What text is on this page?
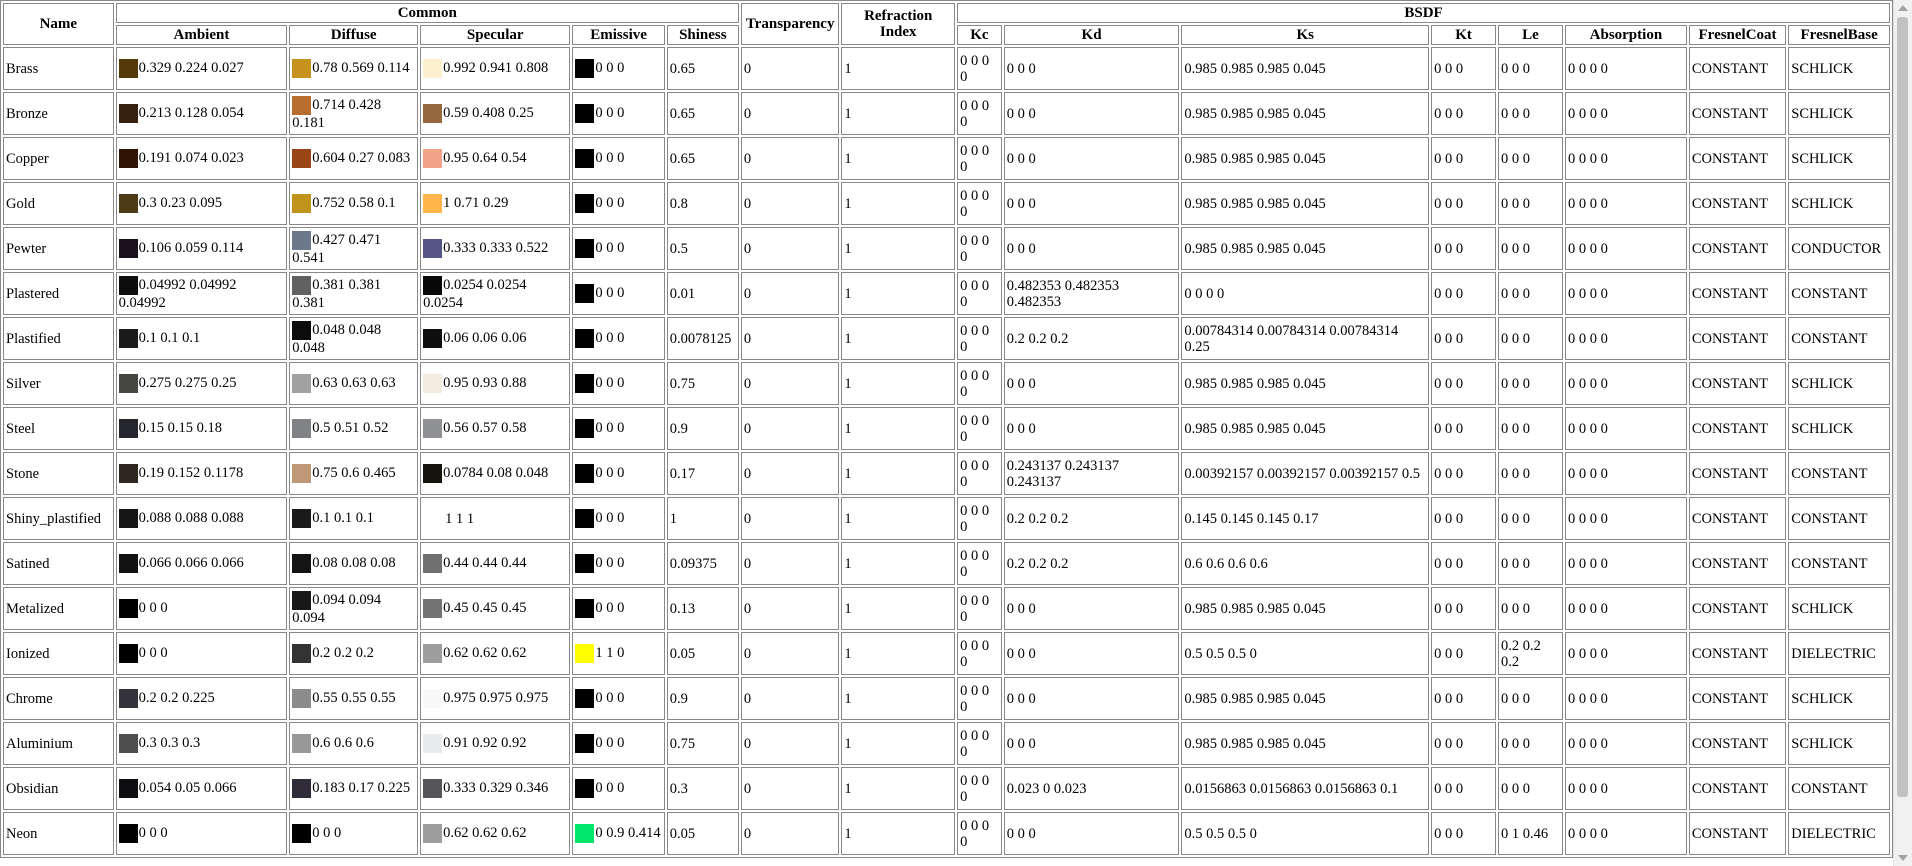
Name	Common					Transparency	Refraction Index	BSDF							
	Ambient	Diffuse	Specular	Emissive	Shiness			Kc	Kd	Ks	Kt	Le	Absorption	FresnelCoat	FresnelBase
Brass	0.329 0.224 0.027	0.78 0.569 0.114	0.992 0.941 0.808	0 0 0	0.65	0	1	0 0 0 0	0 0 0	0.985 0.985 0.985 0.045	0 0 0	0 0 0	0 0 0 0	CONSTANT	SCHLICK
Bronze	0.213 0.128 0.054	0.714 0.428 0.181	0.59 0.408 0.25	0 0 0	0.65	0	1	0 0 0 0	0 0 0	0.985 0.985 0.985 0.045	0 0 0	0 0 0	0 0 0 0	CONSTANT	SCHLICK
Copper	0.191 0.074 0.023	0.604 0.27 0.083	0.95 0.64 0.54	0 0 0	0.65	0	1	0 0 0 0	0 0 0	0.985 0.985 0.985 0.045	0 0 0	0 0 0	0 0 0 0	CONSTANT	SCHLICK
Gold	0.3 0.23 0.095	0.752 0.58 0.1	1 0.71 0.29	0 0 0	0.8	0	1	0 0 0 0	0 0 0	0.985 0.985 0.985 0.045	0 0 0	0 0 0	0 0 0 0	CONSTANT	SCHLICK
Pewter	0.106 0.059 0.114	0.427 0.471 0.541	0.333 0.333 0.522	0 0 0	0.5	0	1	0 0 0 0	0 0 0	0.985 0.985 0.985 0.045	0 0 0	0 0 0	0 0 0 0	CONSTANT	CONDUCTOR
Plastered	0.04992 0.04992 0.04992	0.381 0.381 0.381	0.0254 0.0254 0.0254	0 0 0	0.01	0	1	0 0 0 0	0.482353 0.482353 0.482353	0 0 0 0	0 0 0	0 0 0	0 0 0 0	CONSTANT	CONSTANT
Plastified	0.1 0.1 0.1	0.048 0.048 0.048	0.06 0.06 0.06	0 0 0	0.0078125	0	1	0 0 0 0	0.2 0.2 0.2	0.00784314 0.00784314 0.00784314 0.25	0 0 0	0 0 0	0 0 0 0	CONSTANT	CONSTANT
Silver	0.275 0.275 0.25	0.63 0.63 0.63	0.95 0.93 0.88	0 0 0	0.75	0	1	0 0 0 0	0 0 0	0.985 0.985 0.985 0.045	0 0 0	0 0 0	0 0 0 0	CONSTANT	SCHLICK
Steel	0.15 0.15 0.18	0.5 0.51 0.52	0.56 0.57 0.58	0 0 0	0.9	0	1	0 0 0 0	0 0 0	0.985 0.985 0.985 0.045	0 0 0	0 0 0	0 0 0 0	CONSTANT	SCHLICK
Stone	0.19 0.152 0.1178	0.75 0.6 0.465	0.0784 0.08 0.048	0 0 0	0.17	0	1	0 0 0 0	0.243137 0.243137 0.243137	0.00392157 0.00392157 0.00392157 0.5	0 0 0	0 0 0	0 0 0 0	CONSTANT	CONSTANT
Shiny_plastified	0.088 0.088 0.088	0.1 0.1 0.1	1 1 1	0 0 0	1	0	1	0 0 0 0	0.2 0.2 0.2	0.145 0.145 0.145 0.17	0 0 0	0 0 0	0 0 0 0	CONSTANT	CONSTANT
Satined	0.066 0.066 0.066	0.08 0.08 0.08	0.44 0.44 0.44	0 0 0	0.09375	0	1	0 0 0 0	0.2 0.2 0.2	0.6 0.6 0.6 0.6	0 0 0	0 0 0	0 0 0 0	CONSTANT	CONSTANT
Metalized	0 0 0	0.094 0.094 0.094	0.45 0.45 0.45	0 0 0	0.13	0	1	0 0 0 0	0 0 0	0.985 0.985 0.985 0.045	0 0 0	0 0 0	0 0 0 0	CONSTANT	SCHLICK
Ionized	0 0 0	0.2 0.2 0.2	0.62 0.62 0.62	1 1 0	0.05	0	1	0 0 0 0	0 0 0	0.5 0.5 0.5 0	0 0 0	0.2 0.2 0.2	0 0 0 0	CONSTANT	DIELECTRIC
Chrome	0.2 0.2 0.225	0.55 0.55 0.55	0.975 0.975 0.975	0 0 0	0.9	0	1	0 0 0 0	0 0 0	0.985 0.985 0.985 0.045	0 0 0	0 0 0	0 0 0 0	CONSTANT	SCHLICK
Aluminium	0.3 0.3 0.3	0.6 0.6 0.6	0.91 0.92 0.92	0 0 0	0.75	0	1	0 0 0 0	0 0 0	0.985 0.985 0.985 0.045	0 0 0	0 0 0	0 0 0 0	CONSTANT	SCHLICK
Obsidian	0.054 0.05 0.066	0.183 0.17 0.225	0.333 0.329 0.346	0 0 0	0.3	0	1	0 0 0 0	0.023 0 0.023	0.0156863 0.0156863 0.0156863 0.1	0 0 0	0 0 0	0 0 0 0	CONSTANT	CONSTANT
Neon	0 0 0	0 0 0	0.62 0.62 0.62	0 0.9 0.414	0.05	0	1	0 0 0 0	0 0 0	0.5 0.5 0.5 0	0 0 0	0 1 0.46	0 0 0 0	CONSTANT	DIELECTRIC
